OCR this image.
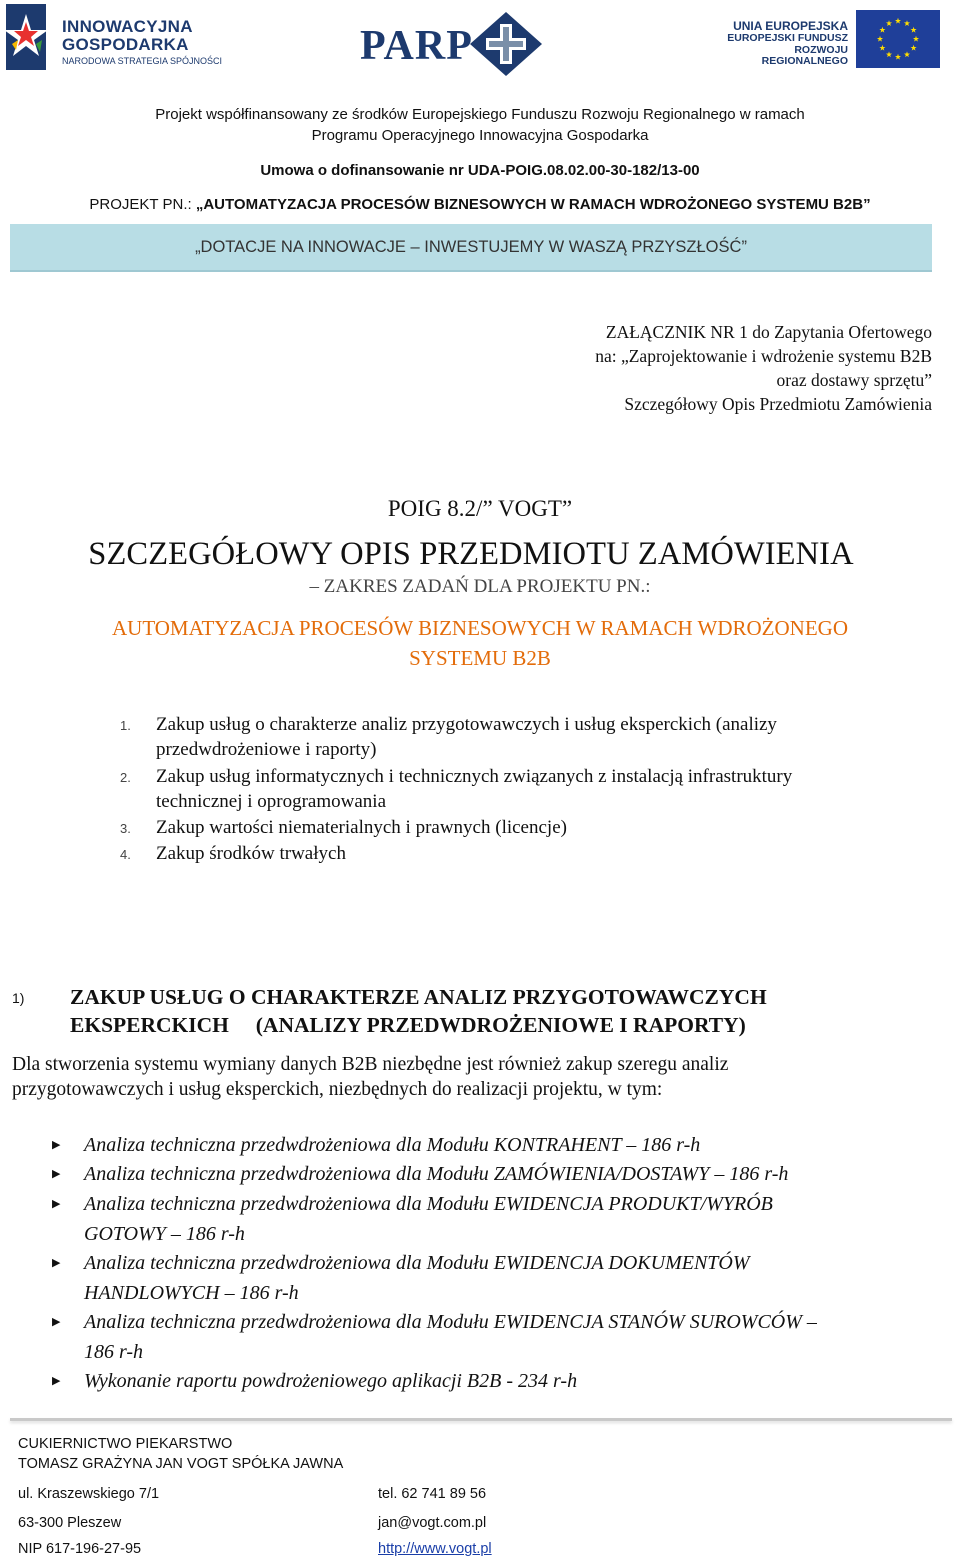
INNOWACYJNA
GOSPODARKA
NARODOWA STRATEGIA SPÓJNOŚCI	PARP	UNIA EUROPEJSKA
EUROPEJSKI FUNDUSZ
ROZWOJU REGIONALNEGO
Projekt współfinansowany ze środków Europejskiego Funduszu Rozwoju Regionalnego w ramach
Programu Operacyjnego Innowacyjna Gospodarka
Umowa o dofinansowanie nr UDA-POIG.08.02.00-30-182/13-00
PROJEKT PN.: „AUTOMATYZACJA PROCESÓW BIZNESOWYCH W RAMACH WDROŻONEGO SYSTEMU B2B”
„DOTACJE NA INNOWACJE – INWESTUJEMY W WASZĄ PRZYSZŁOŚĆ”
ZAŁĄCZNIK NR 1 do Zapytania Ofertowego
na: „Zaprojektowanie i wdrożenie systemu B2B
oraz dostawy sprzętu”
Szczegółowy Opis Przedmiotu Zamówienia
POIG 8.2/” VOGT”
SZCZEGÓŁOWY OPIS PRZEDMIOTU ZAMÓWIENIA
– ZAKRES ZADAŃ DLA PROJEKTU PN.:
AUTOMATYZACJA PROCESÓW BIZNESOWYCH W RAMACH WDROŻONEGO
SYSTEMU B2B
1.	Zakup usług o charakterze analiz przygotowawczych i usług eksperckich (analizy
przedwdrożeniowe i raporty)
2.	Zakup usług informatycznych i technicznych związanych z instalacją infrastruktury
technicznej i oprogramowania
3.	Zakup wartości niematerialnych i prawnych (licencje)
4.	Zakup środków trwałych
1) ZAKUP USŁUG O CHARAKTERZE ANALIZ PRZYGOTOWAWCZYCH
EKSPERCKICH     (ANALIZY PRZEDWDROŻENIOWE I RAPORTY)
Dla stworzenia systemu wymiany danych B2B niezbędne jest również zakup szeregu analiz
przygotowawczych i usług eksperckich, niezbędnych do realizacji projektu, w tym:
▶ Analiza techniczna przedwdrożeniowa dla Modułu KONTRAHENT – 186 r-h
▶ Analiza techniczna przedwdrożeniowa dla Modułu ZAMÓWIENIA/DOSTAWY – 186 r-h
▶ Analiza techniczna przedwdrożeniowa dla Modułu EWIDENCJA PRODUKT/WYRÓB
GOTOWY – 186 r-h
▶ Analiza techniczna przedwdrożeniowa dla Modułu EWIDENCJA DOKUMENTÓW
HANDLOWYCH – 186 r-h
▶ Analiza techniczna przedwdrożeniowa dla Modułu EWIDENCJA STANÓW SUROWCÓW –
186 r-h
▶ Wykonanie raportu powdrożeniowego aplikacji B2B - 234 r-h
CUKIERNICTWO PIEKARSTWO
TOMASZ GRAŻYNA JAN VOGT SPÓŁKA JAWNA
ul. Kraszewskiego 7/1
63-300 Pleszew
NIP 617-196-27-95
tel. 62 741 89 56
jan@vogt.com.pl
http://www.vogt.pl
